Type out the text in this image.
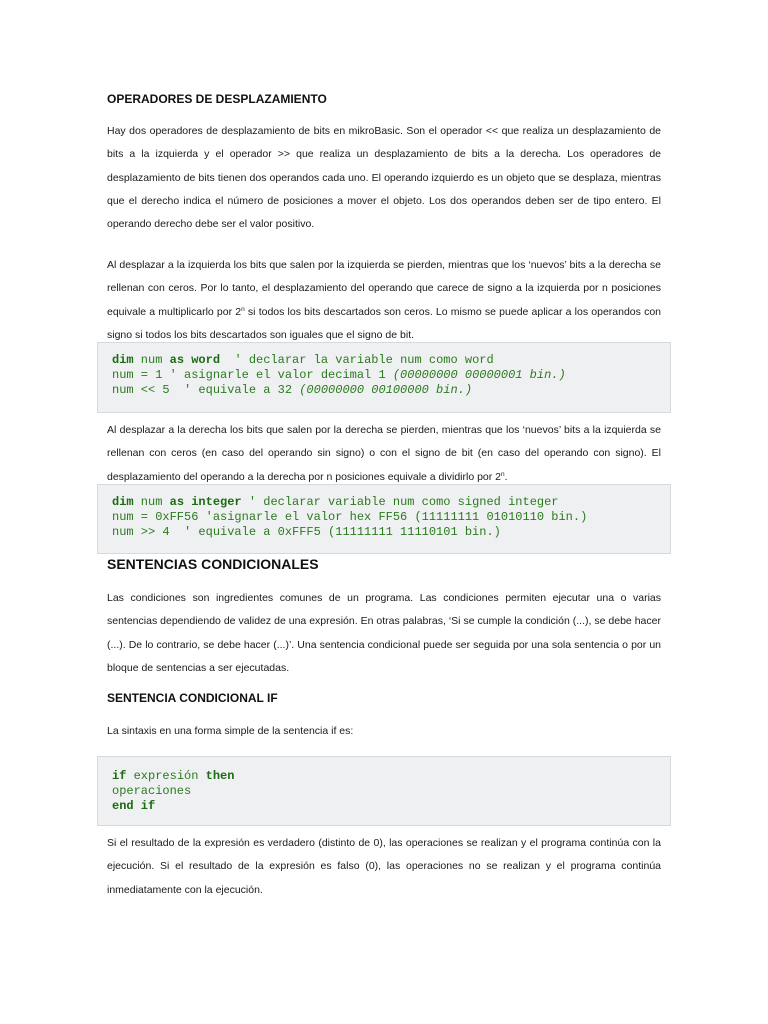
OPERADORES DE DESPLAZAMIENTO
Hay dos operadores de desplazamiento de bits en mikroBasic. Son el operador << que realiza un desplazamiento de bits a la izquierda y el operador >> que realiza un desplazamiento de bits a la derecha. Los operadores de desplazamiento de bits tienen dos operandos cada uno. El operando izquierdo es un objeto que se desplaza, mientras que el derecho indica el número de posiciones a mover el objeto. Los dos operandos deben ser de tipo entero. El operando derecho debe ser el valor positivo.
Al desplazar a la izquierda los bits que salen por la izquierda se pierden, mientras que los ‘nuevos’ bits a la derecha se rellenan con ceros. Por lo tanto, el desplazamiento del operando que carece de signo a la izquierda por n posiciones equivale a multiplicarlo por 2$^n$ si todos los bits descartados son ceros. Lo mismo se puede aplicar a los operandos con signo si todos los bits descartados son iguales que el signo de bit.
dim num as word  ' declarar la variable num como word
num = 1 ' asignarle el valor decimal 1 (00000000 00000001 bin.)
num << 5  ' equivale a 32 (00000000 00100000 bin.)
Al desplazar a la derecha los bits que salen por la derecha se pierden, mientras que los ‘nuevos’ bits a la izquierda se rellenan con ceros (en caso del operando sin signo) o con el signo de bit (en caso del operando con signo). El desplazamiento del operando a la derecha por n posiciones equivale a dividirlo por 2$^n$.
dim num as integer ' declarar variable num como signed integer
num = 0xFF56 'asignarle el valor hex FF56 (11111111 01010110 bin.)
num >> 4  ' equivale a 0xFFF5 (11111111 11110101 bin.)
SENTENCIAS CONDICIONALES
Las condiciones son ingredientes comunes de un programa. Las condiciones permiten ejecutar una o varias sentencias dependiendo de validez de una expresión. En otras palabras, ‘Si se cumple la condición (...), se debe hacer (...). De lo contrario, se debe hacer (...)’. Una sentencia condicional puede ser seguida por una sola sentencia o por un bloque de sentencias a ser ejecutadas.
SENTENCIA CONDICIONAL IF
La sintaxis en una forma simple de la sentencia if es:
if expresión then
operaciones
end if
Si el resultado de la expresión es verdadero (distinto de 0), las operaciones se realizan y el programa continúa con la ejecución. Si el resultado de la expresión es falso (0), las operaciones no se realizan y el programa continúa inmediatamente con la ejecución.
